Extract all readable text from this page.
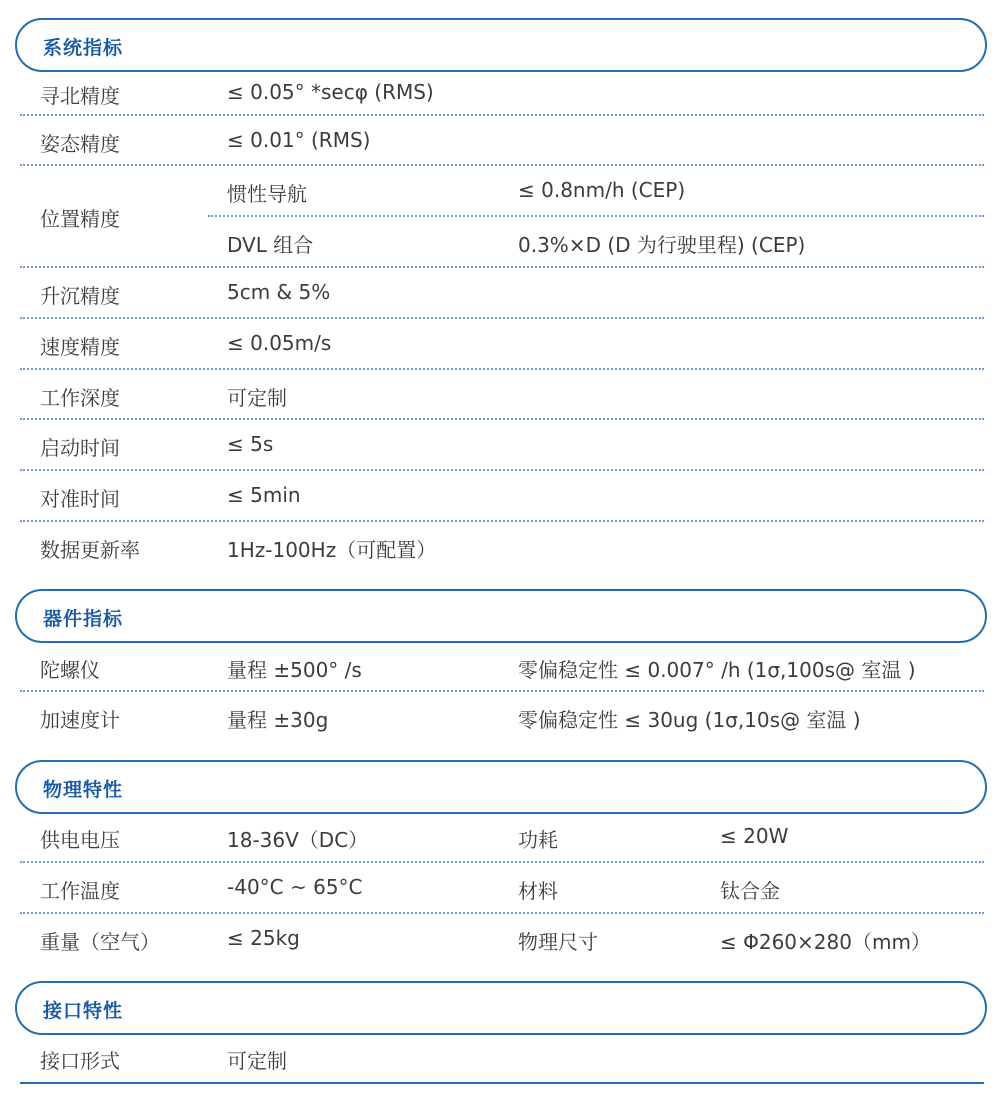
系统指标
寻北精度	≤ 0.05° *secφ (RMS)
姿态精度	≤ 0.01° (RMS)
位置精度
惯性导航	≤ 0.8nm/h (CEP)
DVL 组合	0.3%×D (D 为行驶里程) (CEP)
升沉精度	5cm & 5%
速度精度	≤ 0.05m/s
工作深度	可定制
启动时间	≤ 5s
对准时间	≤ 5min
数据更新率	1Hz-100Hz（可配置）
器件指标
陀螺仪	量程 ±500° /s	零偏稳定性 ≤ 0.007° /h (1σ,100s@ 室温 )
加速度计	量程 ±30g	零偏稳定性 ≤ 30ug (1σ,10s@ 室温 )
物理特性
供电电压	18-36V（DC）	功耗	≤ 20W
工作温度	-40°C ~ 65°C	材料	钛合金
重量（空气）	≤ 25kg	物理尺寸	≤ Φ260×280（mm）
接口特性
接口形式	可定制
